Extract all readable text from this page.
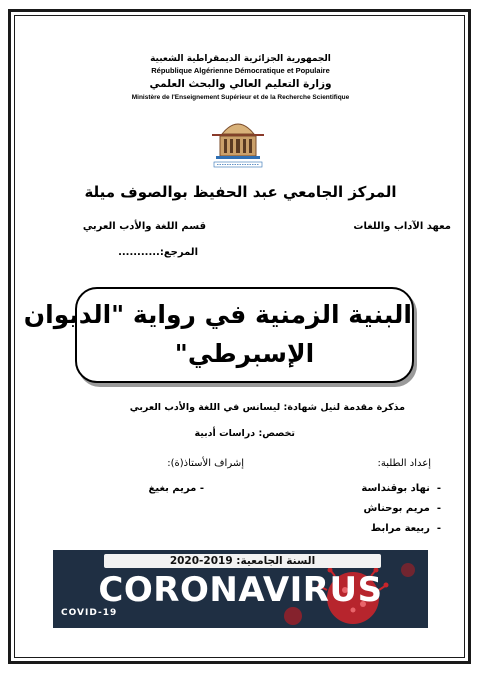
الجمهورية الجزائرية الديمقراطية الشعبية
République Algérienne Démocratique et Populaire
وزارة التعليم العالي والبحث العلمي
Ministère de l'Enseignement Supérieur et de la Recherche Scientifique
المركز الجامعي عبد الحفيظ بوالصوف ميلة
معهد الآداب واللغات
قسم اللغة والأدب العربي
المرجع:...........
البنية الزمنية في رواية "الديوان
الإسبرطي"
مذكرة مقدمة لنيل شهادة: ليسانس في اللغة والأدب العربي
تخصص: دراسات أدبية
إعداد الطلبة:
إشراف الأستاذ(ة):
-  نهاد بوقنداسة
-  مريم بوحناش
-  ربيعة مرابط
- مريم بغيغ
السنة الجامعية: 2019-2020
CORONAVIRUS
COVID-19
